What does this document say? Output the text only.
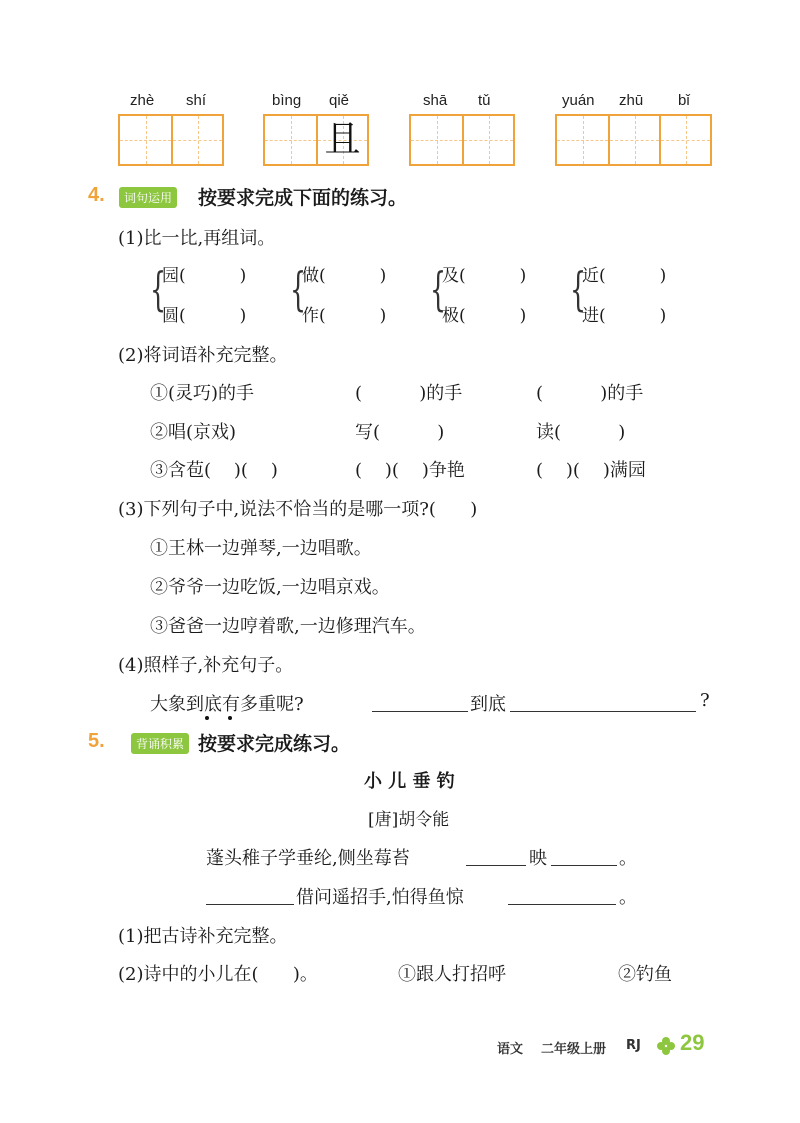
zhè shí	bìng qiě	shā tǔ	yuán zhū bǐ
且
4.	词句运用 按要求完成下面的练习。
(1)比一比,再组词。
{
园(          )
圆(          ) {
做(          )
作(          ) {
及(          )
极(          ) {
近(          )
进(          )
(2)将词语补充完整。
①(灵巧)的手	(          )的手	(          )的手
②唱(京戏)	写(          )	读(          )
③含苞(    )(    )	(    )(    )争艳	(    )(    )满园
(3)下列句子中,说法不恰当的是哪一项?(      )
①王林一边弹琴,一边唱歌。
②爷爷一边吃饭,一边唱京戏。
③爸爸一边哼着歌,一边修理汽车。
(4)照样子,补充句子。
大象到底有多重呢?	到底	?
5.	背诵积累 按要求完成练习。
小 儿 垂 钓
[唐]胡令能
蓬头稚子学垂纶,侧坐莓苔	映	。
借问遥招手,怕得鱼惊	。
(1)把古诗补充完整。
(2)诗中的小儿在(      )。	①跟人打招呼	②钓鱼
语文 二年级上册 RJ 29
